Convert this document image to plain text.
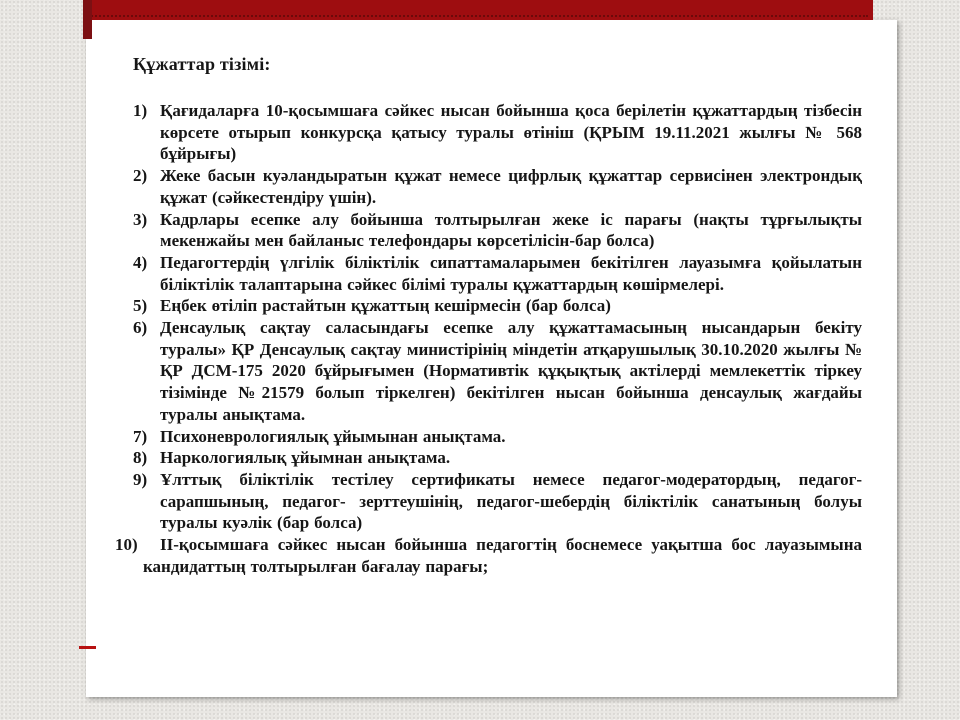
Құжаттар тізімі:
1) Қағидаларға 10-қосымшаға сәйкес нысан бойынша қоса берілетін құжаттардың тізбесін көрсете отырып конкурсқа қатысу туралы өтініш (ҚРЫМ 19.11.2021 жылғы № 568 бұйрығы)
2) Жеке басын куәландыратын құжат немесе цифрлық құжаттар сервисінен электрондық құжат (сәйкестендіру үшін).
3) Кадрлары есепке алу бойынша толтырылған жеке іс парағы (нақты тұрғылықты мекенжайы мен байланыс телефондары көрсетілісін-бар болса)
4) Педагогтердің үлгілік біліктілік сипаттамаларымен бекітілген лауазымға қойылатын біліктілік талаптарына сәйкес білімі туралы құжаттардың көшірмелері.
5) Еңбек өтіліп растайтын құжаттың кешірмесін (бар болса)
6) Денсаулық сақтау саласындағы есепке алу құжаттамасының нысандарын бекіту туралы» ҚР Денсаулық сақтау министірінің міндетін атқарушылық 30.10.2020 жылғы № ҚР ДСМ-175 2020 бұйрығымен (Нормативтік құқықтық актілерді мемлекеттік тіркеу тізімінде №21579 болып тіркелген) бекітілген нысан бойынша денсаулық жағдайы туралы анықтама.
7) Психоневрологиялық ұйымынан анықтама.
8) Наркологиялық ұйымнан анықтама.
9) Ұлттық біліктілік тестілеу сертификаты немесе педагог-модератордың, педагог-сарапшының, педагог- зерттеушінің, педагог-шебердің біліктілік санатының болуы туралы куәлік (бар болса)
10)	ІІ-қосымшаға сәйкес нысан бойынша педагогтің боснемесе уақытша бос лауазымына кандидаттың толтырылған бағалау парағы;
